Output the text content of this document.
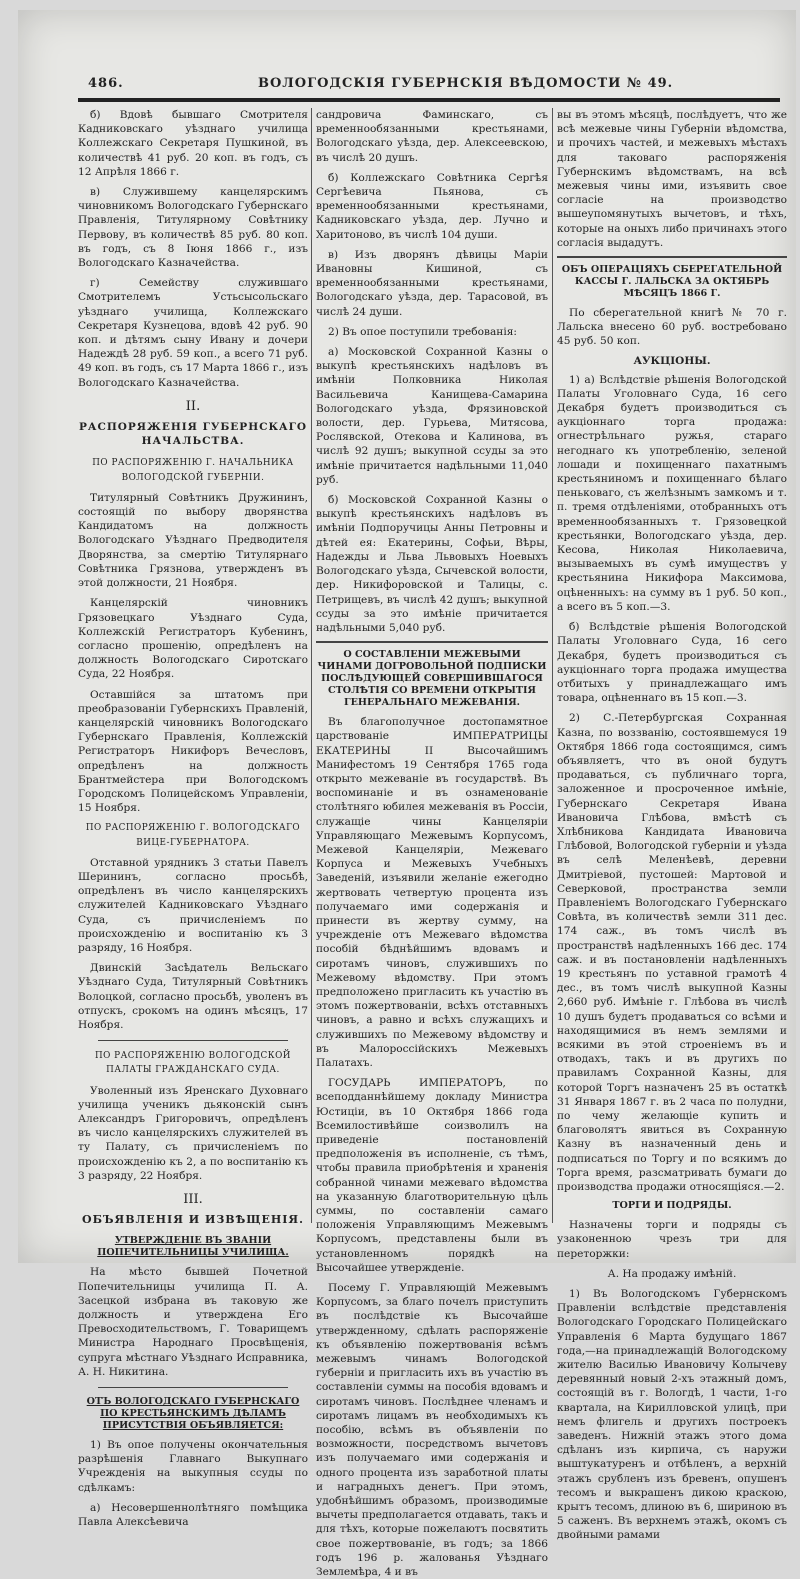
486.	ВОЛОГОДСКІЯ ГУБЕРНСКІЯ ВѢДОМОСТИ № 49.

б) Вдовѣ бывшаго Смотрителя Кадниковскаго уѣзднаго училища Коллежскаго Секретаря Пушкиной, въ количествѣ 41 руб. 20 коп. въ годъ, съ 12 Апрѣля 1866 г.

в) Служившему канцелярскимъ чиновникомъ Вологодскаго Губернскаго Правленія, Титулярному Совѣтнику Первову, въ количествѣ 85 руб. 80 коп. въ годъ, съ 8 Іюня 1866 г., изъ Вологодскаго Казначейства.

г) Семейству служившаго Смотрителемъ Устьсысольскаго уѣзднаго училища, Коллежскаго Секретаря Кузнецова, вдовѣ 42 руб. 90 коп. и дѣтямъ сыну Ивану и дочери Надеждѣ 28 руб. 59 коп., а всего 71 руб. 49 коп. въ годъ, съ 17 Марта 1866 г., изъ Вологодскаго Казначейства.

II.
РАСПОРЯЖЕНІЯ ГУБЕРНСКАГО НАЧАЛЬСТВА.
ПО РАСПОРЯЖЕНІЮ Г. НАЧАЛЬНИКА ВОЛОГОДСКОЙ ГУБЕРНІИ.

Титулярный Совѣтникъ Дружининъ, состоящій по выбору дворянства Кандидатомъ на должность Вологодскаго Уѣзднаго Предводителя Дворянства, за смертію Титулярнаго Совѣтника Грязнова, утвержденъ въ этой должности, 21 Ноября.

Канцелярскій чиновникъ Грязовецкаго Уѣзднаго Суда, Коллежскій Регистраторъ Кубенинъ, согласно прошенію, опредѣленъ на должность Вологодскаго Сиротскаго Суда, 22 Ноября.

Оставшійся за штатомъ при преобразованіи Губернскихъ Правленій, канцелярскій чиновникъ Вологодскаго Губернскаго Правленія, Коллежскій Регистраторъ Никифоръ Вечесловъ, опредѣленъ на должность Брантмейстера при Вологодскомъ Городскомъ Полицейскомъ Управленіи, 15 Ноября.

ПО РАСПОРЯЖЕНІЮ Г. ВОЛОГОДСКАГО ВИЦЕ-ГУБЕРНАТОРА.

Отставной урядникъ 3 статьи Павелъ Шерининъ, согласно просьбѣ, опредѣленъ въ число канцелярскихъ служителей Кадниковскаго Уѣзднаго Суда, съ причисленіемъ по происхожденію и воспитанію къ 3 разряду, 16 Ноября.

Двинскій Засѣдатель Вельскаго Уѣзднаго Суда, Титулярный Совѣтникъ Волоцкой, согласно просьбѣ, уволенъ въ отпускъ, срокомъ на одинъ мѣсяцъ, 17 Ноября.

ПО РАСПОРЯЖЕНІЮ ВОЛОГОДСКОЙ ПАЛАТЫ ГРАЖДАНСКАГО СУДА.

Уволенный изъ Яренскаго Духовнаго училища ученикъ дьяконскій сынъ Александръ Григоровичъ, опредѣленъ въ число канцелярскихъ служителей въ ту Палату, съ причисленіемъ по происхожденію къ 2, а по воспитанію къ 3 разряду, 22 Ноября.

III.
ОБЪЯВЛЕНІЯ И ИЗВѢЩЕНІЯ.
УТВЕРЖДЕНІЕ ВЪ ЗВАНІИ ПОПЕЧИТЕЛЬНИЦЫ УЧИЛИЩА.

На мѣсто бывшей Почетной Попечительницы училища П. А. Засецкой избрана въ таковую же должность и утверждена Его Превосходительствомъ, Г. Товарищемъ Министра Народнаго Просвѣщенія, супруга мѣстнаго Уѣзднаго Исправника, А. Н. Никитина.

ОТЪ ВОЛОГОДСКАГО ГУБЕРНСКАГО ПО КРЕСТЬЯНСКИМЪ ДѢЛАМЪ ПРИСУТСТВІЯ ОБЪЯВЛЯЕТСЯ:

1) Въ опое получены окончательныя разрѣшенія Главнаго Выкупнаго Учрежденія на выкупныя ссуды по сдѣлкамъ:

а) Несовершеннолѣтняго помѣщика Павла Алексѣевича

сандровича Фаминскаго, съ временнообязанными крестьянами, Вологодскаго уѣзда, дер. Алексеевскою, въ числѣ 20 душъ.

б) Коллежскаго Совѣтника Сергѣя Сергѣевича Пьянова, съ временнообязанными крестьянами, Кадниковскаго уѣзда, дер. Лучно и Харитоново, въ числѣ 104 души.

в) Изъ дворянъ дѣвицы Маріи Ивановны Кишиной, съ временнообязанными крестьянами, Вологодскаго уѣзда, дер. Тарасовой, въ числѣ 24 души.

2) Въ опое поступили требованія:

а) Московской Сохранной Казны о выкупѣ крестьянскихъ надѣловъ въ имѣніи Полковника Николая Васильевича Канищева-Самарина Вологодскаго уѣзда, Фрязиновской волости, дер. Гурьева, Митясова, Рослявской, Отекова и Калинова, въ числѣ 92 душъ; выкупной ссуды за это имѣніе причитается надѣльными 11,040 руб.

б) Московской Сохранной Казны о выкупѣ крестьянскихъ надѣловъ въ имѣніи Подпоручицы Анны Петровны и дѣтей ея: Екатерины, Софьи, Вѣры, Надежды и Льва Львовыхъ Ноевыхъ Вологодскаго уѣзда, Сычевской волости, дер. Никифоровской и Талицы, с. Петрищевъ, въ числѣ 42 душъ; выкупной ссуды за это имѣніе причитается надѣльными 5,040 руб.

О СОСТАВЛЕНІИ МЕЖЕВЫМИ ЧИНАМИ ДОГРОВОЛЬНОЙ ПОДПИСКИ ПОСЛѢДУЮЩЕЙ СОВЕРШИВШАГОСЯ СТОЛѢТІЯ СО ВРЕМЕНИ ОТКРЫТІЯ ГЕНЕРАЛЬНАГО МЕЖЕВАНІЯ.

Въ благополучное достопамятное царствованіе ИМПЕРАТРИЦЫ ЕКАТЕРИНЫ II Высочайшимъ Манифестомъ 19 Сентября 1765 года открыто межеваніе въ государствѣ. Въ воспоминаніе и въ ознаменованіе столѣтняго юбилея межеванія въ Россіи, служащіе чины Канцеляріи Управляющаго Межевымъ Корпусомъ, Межевой Канцеляріи, Межеваго Корпуса и Межевыхъ Учебныхъ Заведеній, изъявили желаніе ежегодно жертвовать четвертую процента изъ получаемаго ими содержанія и принести въ жертву сумму, на учрежденіе отъ Межеваго вѣдомства пособій бѣднѣйшимъ вдовамъ и сиротамъ чиновъ, служившихъ по Межевому вѣдомству. При этомъ предположено пригласить къ участію въ этомъ пожертвованіи, всѣхъ отставныхъ чиновъ, а равно и всѣхъ служащихъ и служившихъ по Межевому вѣдомству и въ Малороссійскихъ Межевыхъ Палатахъ.

ГОСУДАРЬ ИМПЕРАТОРЪ, по всеподданнѣйшему докладу Министра Юстиціи, въ 10 Октября 1866 года Всемилостивѣйше соизволилъ на приведеніе постановленій предположенія въ исполненіе, съ тѣмъ, чтобы правила приобрѣтенія и храненія собранной чинами межеваго вѣдомства на указанную благотворительную цѣль суммы, по составленіи самаго положенія Управляющимъ Межевымъ Корпусомъ, представлены были въ установленномъ порядкѣ на Высочайшее утвержденіе.

Посему Г. Управляющій Межевымъ Корпусомъ, за благо почелъ приступить въ послѣдствіе къ Высочайше утвержденному, сдѣлать распоряженіе къ объявленію пожертвованія всѣмъ межевымъ чинамъ Вологодской губерніи и пригласить ихъ въ участію въ составленіи суммы на пособія вдовамъ и сиротамъ чиновъ. Послѣднее членамъ и сиротамъ лицамъ въ необходимыхъ къ пособію, всѣмъ въ объявленіи по возможности, посредствомъ вычетовъ изъ получаемаго ими содержанія и одного процента изъ заработной платы и наградныхъ денегъ. При этомъ, удобнѣйшимъ образомъ, производимые вычеты предполагается отдавать, такъ и для тѣхъ, которые пожелаютъ посвятить свое пожертвованіе, въ годъ; за 1866 годъ 196 р. жалованья Уѣзднаго Землемѣра, 4 и въ

вы въ этомъ мѣсяцѣ, послѣдуетъ, что же всѣ межевые чины Губерніи вѣдомства, и прочихъ частей, и межевыхъ мѣстахъ для таковаго распоряженія Губернскимъ вѣдомствамъ, на всѣ межевыя чины ими, изъявить свое согласіе на производство вышеупомянутыхъ вычетовъ, и тѣхъ, которые на оныхъ либо причинахъ этого согласія выдадутъ.

ОБЪ ОПЕРАЦІЯХЪ СБЕРЕГАТЕЛЬНОЙ КАССЫ Г. ЛАЛЬСКА ЗА ОКТЯБРЬ МѢСЯЦЪ 1866 Г.

По сберегательной книгѣ № 70 г. Лальска внесено 60 руб. востребовано 45 руб. 50 коп.

АУКЦІОНЫ.

1) а) Вслѣдствіе рѣшенія Вологодской Палаты Уголовнаго Суда, 16 сего Декабря будетъ производиться съ аукціоннаго торга продажа: огнестрѣльнаго ружья, стараго негоднаго къ употребленію, зеленой лошади и похищеннаго пахатнымъ крестьяниномъ и похищеннаго бѣлаго пеньковаго, съ желѣзнымъ замкомъ и т. п. тремя отдѣленіями, отобранныхъ отъ временнообязанныхъ т. Грязовецкой крестьянки, Вологодскаго уѣзда, дер. Кесова, Николая Николаевича, вызываемыхъ въ сумѣ имуществъ у крестьянина Никифора Максимова, оцѣненныхъ: на сумму въ 1 руб. 50 коп., а всего въ 5 коп.—3.

б) Вслѣдствіе рѣшенія Вологодской Палаты Уголовнаго Суда, 16 сего Декабря, будетъ производиться съ аукціоннаго торга продажа имущества отбитыхъ у принадлежащаго имъ товара, оцѣненнаго въ 15 коп.—3.

2) С.-Петербургская Сохранная Казна, по воззванію, состоявшемуся 19 Октября 1866 года состоящимся, симъ объявляетъ, что въ оной будутъ продаваться, съ публичнаго торга, заложенное и просроченное имѣніе, Губернскаго Секретаря Ивана Ивановича Глѣбова, вмѣстѣ съ Хлѣбникова Кандидата Ивановича Глѣбовой, Вологодской губерніи и уѣзда въ селѣ Меленѣевѣ, деревни Дмитріевой, пустошей: Мартовой и Северковой, пространства земли Правленіемъ Вологодскаго Губернскаго Совѣта, въ количествѣ земли 311 дес. 174 саж., въ томъ числѣ въ пространствѣ надѣленныхъ 166 дес. 174 саж. и въ постановленіи надѣленныхъ 19 крестьянъ по уставной грамотѣ 4 дес., въ томъ числѣ выкупной Казны 2,660 руб. Имѣніе г. Глѣбова въ числѣ 10 душъ будетъ продаваться со всѣми и находящимися въ немъ землями и всякими въ этой строеніемъ въ и отводахъ, такъ и въ другихъ по правиламъ Сохранной Казны, для которой Торгъ назначенъ 25 въ остаткѣ 31 Января 1867 г. въ 2 часа по полудни, по чему желающіе купить и благоволятъ явиться въ Сохранную Казну въ назначенный день и подписаться по Торгу и по всякимъ до Торга время, разсматривать бумаги до производства продажи относящіяся.—2.

ТОРГИ И ПОДРЯДЫ.

Назначены торги и подряды съ узаконенною чрезъ три для переторжки:

А. На продажу имѣній.

1) Въ Вологодскомъ Губернскомъ Правленіи вслѣдствіе представленія Вологодскаго Городскаго Полицейскаго Управленія 6 Марта будущаго 1867 года,—на принадлежащій Вологодскому жителю Василью Ивановичу Колычеву деревянный новый 2-хъ этажный домъ, состоящій въ г. Вологдѣ, 1 части, 1-го квартала, на Кирилловской улицѣ, при немъ флигель и другихъ построекъ заведенъ. Нижній этажъ этого дома сдѣланъ изъ кирпича, съ наружи выштукатуренъ и отбѣленъ, а верхній этажъ срубленъ изъ бревенъ, опушенъ тесомъ и выкрашенъ дикою краскою, крытъ тесомъ, длиною въ 6, шириною въ 5 саженъ. Въ верхнемъ этажѣ, окомъ съ двойными рамами
